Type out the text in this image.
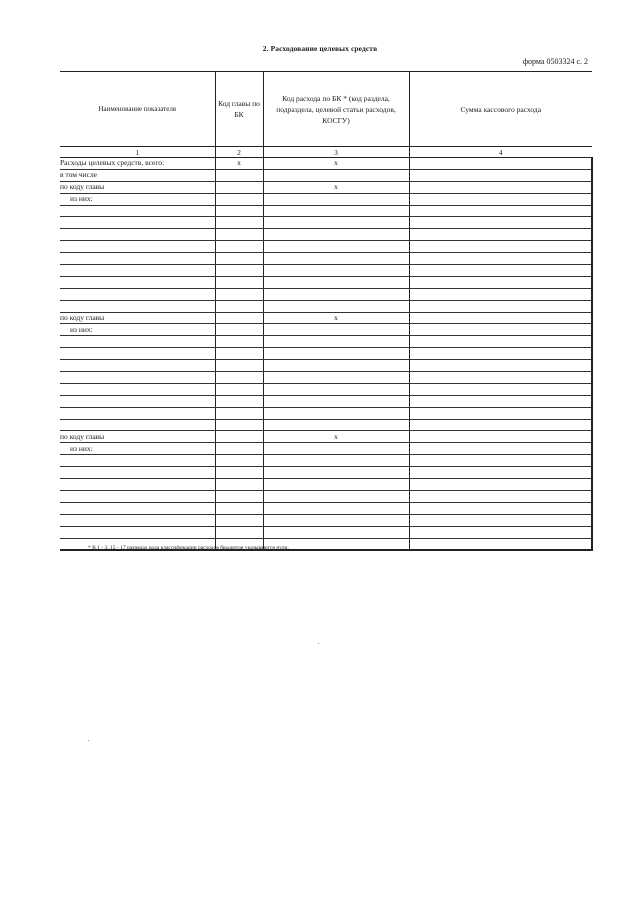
2. Расходование целевых средств
форма 0503324 с. 2
Наименование показателя	Код главы по БК	Код расхода по БК * (код раздела, подраздела, целевой статьи расходов, КОСГУ)	Сумма кассового расхода
1	2	3	4
Расходы целевых средств, всего:	x	x	
в том числе			
по коду главы		x	
из них:			

по коду главы		x	
из них:			

по коду главы		x	
из них:			

* В 1 - 3, 15 - 17 разрядах кода классификации расходов бюджетов указываются нули.
